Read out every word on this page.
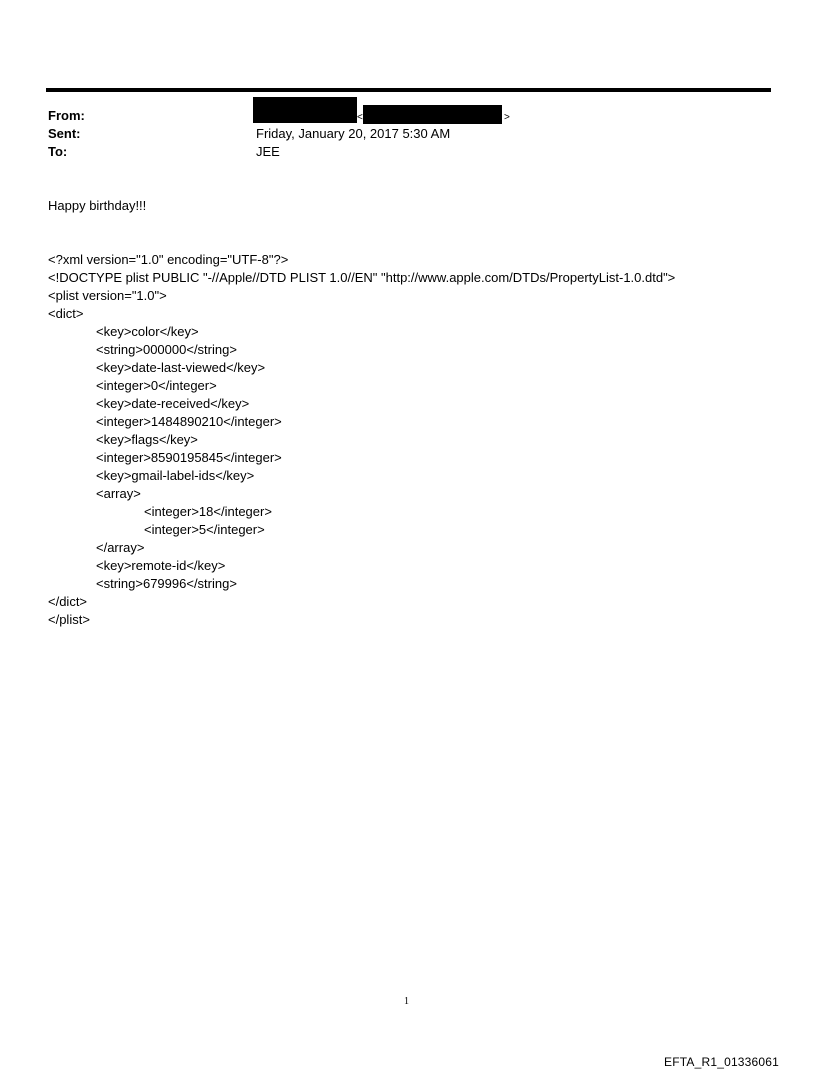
From:
Sent:
To:
<	>
Friday, January 20, 2017 5:30 AM
JEE
Happy birthday!!!
<?xml version="1.0" encoding="UTF-8"?>
<!DOCTYPE plist PUBLIC "-//Apple//DTD PLIST 1.0//EN" "http://www.apple.com/DTDs/PropertyList-1.0.dtd">
<plist version="1.0">
<dict>
<key>color</key>
<string>000000</string>
<key>date-last-viewed</key>
<integer>0</integer>
<key>date-received</key>
<integer>1484890210</integer>
<key>flags</key>
<integer>8590195845</integer>
<key>gmail-label-ids</key>
<array>
<integer>18</integer>
<integer>5</integer>
</array>
<key>remote-id</key>
<string>679996</string>
</dict>
</plist>
1
EFTA_R1_01336061
